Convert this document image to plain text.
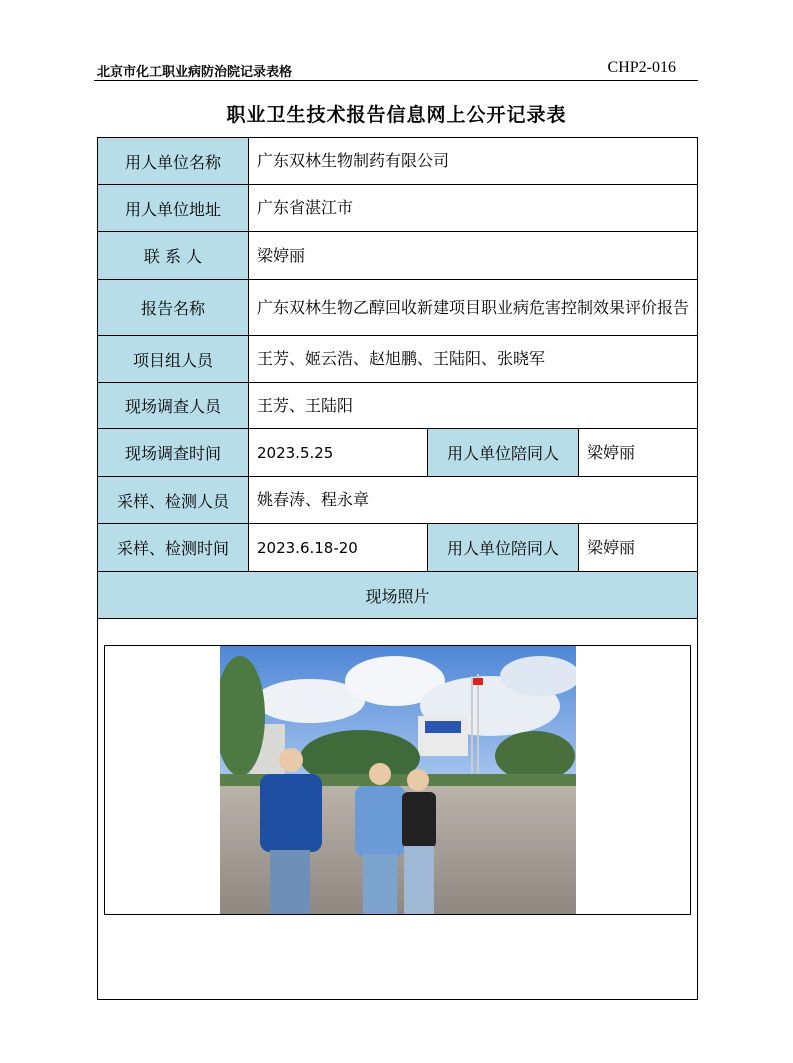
北京市化工职业病防治院记录表格	CHP2-016
职业卫生技术报告信息网上公开记录表
用人单位名称	广东双林生物制药有限公司
用人单位地址	广东省湛江市
联 系 人	梁婷丽
报告名称	广东双林生物乙醇回收新建项目职业病危害控制效果评价报告
项目组人员	王芳、姬云浩、赵旭鹏、王陆阳、张晓军
现场调查人员	王芳、王陆阳
现场调查时间	2023.5.25	用人单位陪同人	梁婷丽
采样、检测人员	姚春涛、程永章
采样、检测时间	2023.6.18-20	用人单位陪同人	梁婷丽
现场照片
